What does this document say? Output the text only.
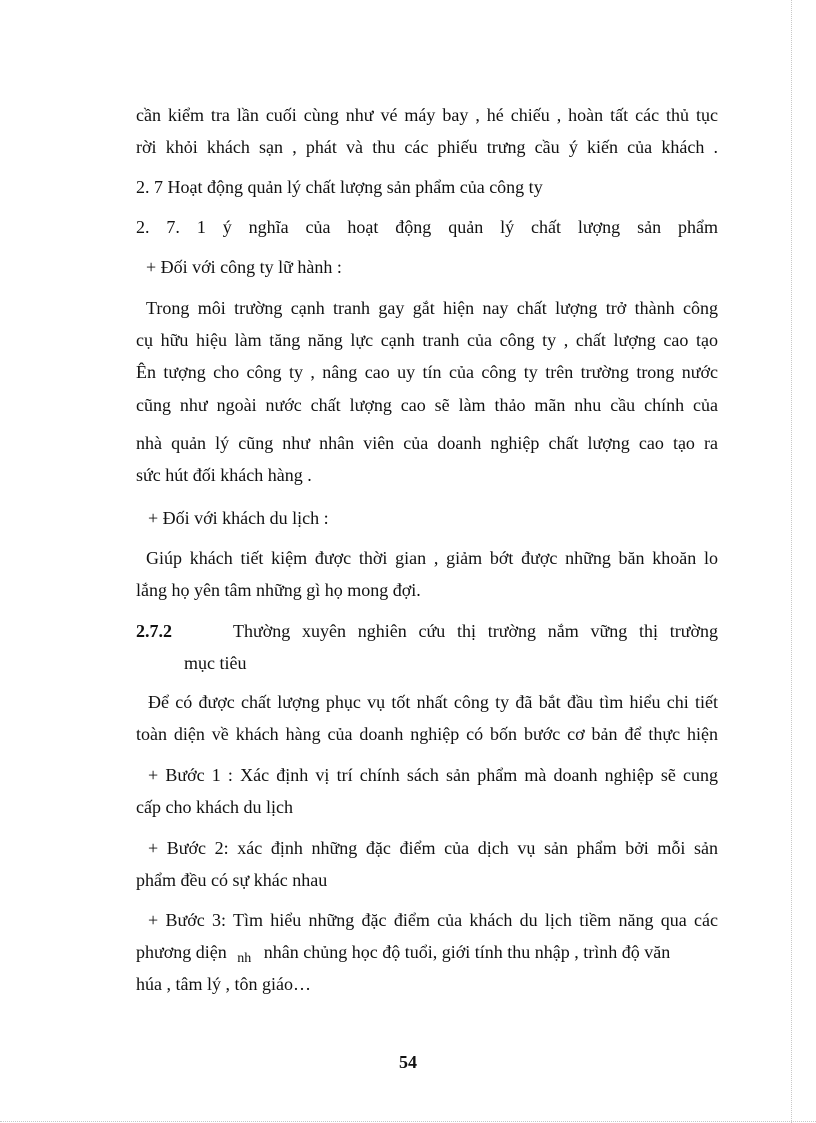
cần kiểm tra lần cuối cùng như vé máy bay , hé chiếu , hoàn tất các thủ tục
rời khỏi khách sạn , phát và thu các phiếu trưng cầu ý kiến của khách .
2. 7 Hoạt động quản lý chất lượng sản phẩm của công ty
2. 7. 1 ý nghĩa của hoạt động quản lý chất lượng sản phẩm
+ Đối với công ty lữ hành :
Trong môi trường cạnh tranh gay gắt hiện nay chất lượng trở thành công
cụ hữu hiệu làm tăng năng lực cạnh tranh của công ty , chất lượng cao tạo
Ên tượng cho công ty , nâng cao uy tín của công ty trên trường trong nước
cũng như ngoài nước chất lượng cao sẽ làm thảo mãn nhu cầu chính của
nhà quản lý cũng như nhân viên của doanh nghiệp chất lượng cao tạo ra
sức hút đối khách hàng .
+ Đối với khách du lịch :
Giúp khách tiết kiệm được thời gian , giảm bớt được những băn khoăn lo
lắng họ yên tâm những gì họ mong đợi.
2.7.2	Thường xuyên nghiên cứu thị trường nắm vững thị trường
mục tiêu
Để có được chất lượng phục vụ tốt nhất công ty đã bắt đầu tìm hiểu chi tiết
toàn diện về khách hàng của doanh nghiệp có bốn bước cơ bản để thực hiện
+ Bước 1 : Xác định vị trí chính sách sản phẩm mà doanh nghiệp sẽ cung
cấp cho khách du lịch
+ Bước 2: xác định những đặc điểm của dịch vụ sản phẩm bởi mỗi sản
phẩm đều có sự khác nhau
+ Bước 3: Tìm hiểu những đặc điểm của khách du lịch tiềm năng qua các
phương diện $_{nh}$ nhân chủng học độ tuổi, giới tính thu nhập , trình độ văn
húa , tâm lý , tôn giáo…
54
